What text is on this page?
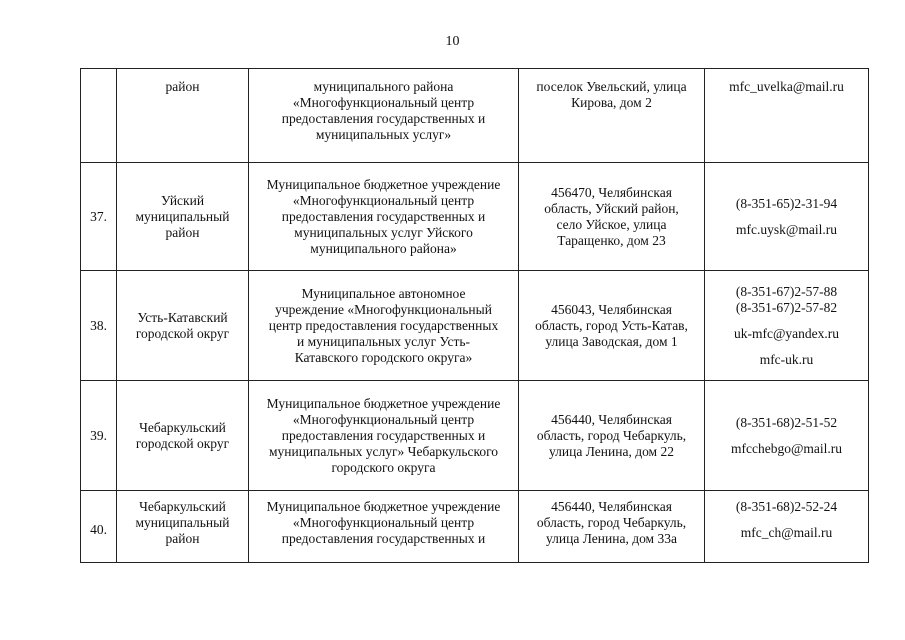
10

	район	муниципального района
«Многофункциональный центр
предоставления государственных и
муниципальных услуг»	поселок Увельский, улица
Кирова, дом 2	mfc_uvelka@mail.ru

37.	Уйский
муниципальный
район	Муниципальное бюджетное учреждение
«Многофункциональный центр
предоставления государственных и
муниципальных услуг Уйского
муниципального района»	456470, Челябинская
область, Уйский район,
село Уйское, улица
Таращенко, дом 23	(8-351-65)2-31-94
mfc.uysk@mail.ru

38.	Усть-Катавский
городской округ	Муниципальное автономное
учреждение «Многофункциональный
центр предоставления государственных
и муниципальных услуг Усть-
Катавского городского округа»	456043, Челябинская
область, город Усть-Катав,
улица Заводская, дом 1	(8-351-67)2-57-88
(8-351-67)2-57-82
uk-mfc@yandex.ru
mfc-uk.ru

39.	Чебаркульский
городской округ	Муниципальное бюджетное учреждение
«Многофункциональный центр
предоставления государственных и
муниципальных услуг» Чебаркульского
городского округа	456440, Челябинская
область, город Чебаркуль,
улица Ленина, дом 22	(8-351-68)2-51-52
mfcchebgo@mail.ru

40.	Чебаркульский
муниципальный
район	Муниципальное бюджетное учреждение
«Многофункциональный центр
предоставления государственных и	456440, Челябинская
область, город Чебаркуль,
улица Ленина, дом 33а	(8-351-68)2-52-24
mfc_ch@mail.ru
